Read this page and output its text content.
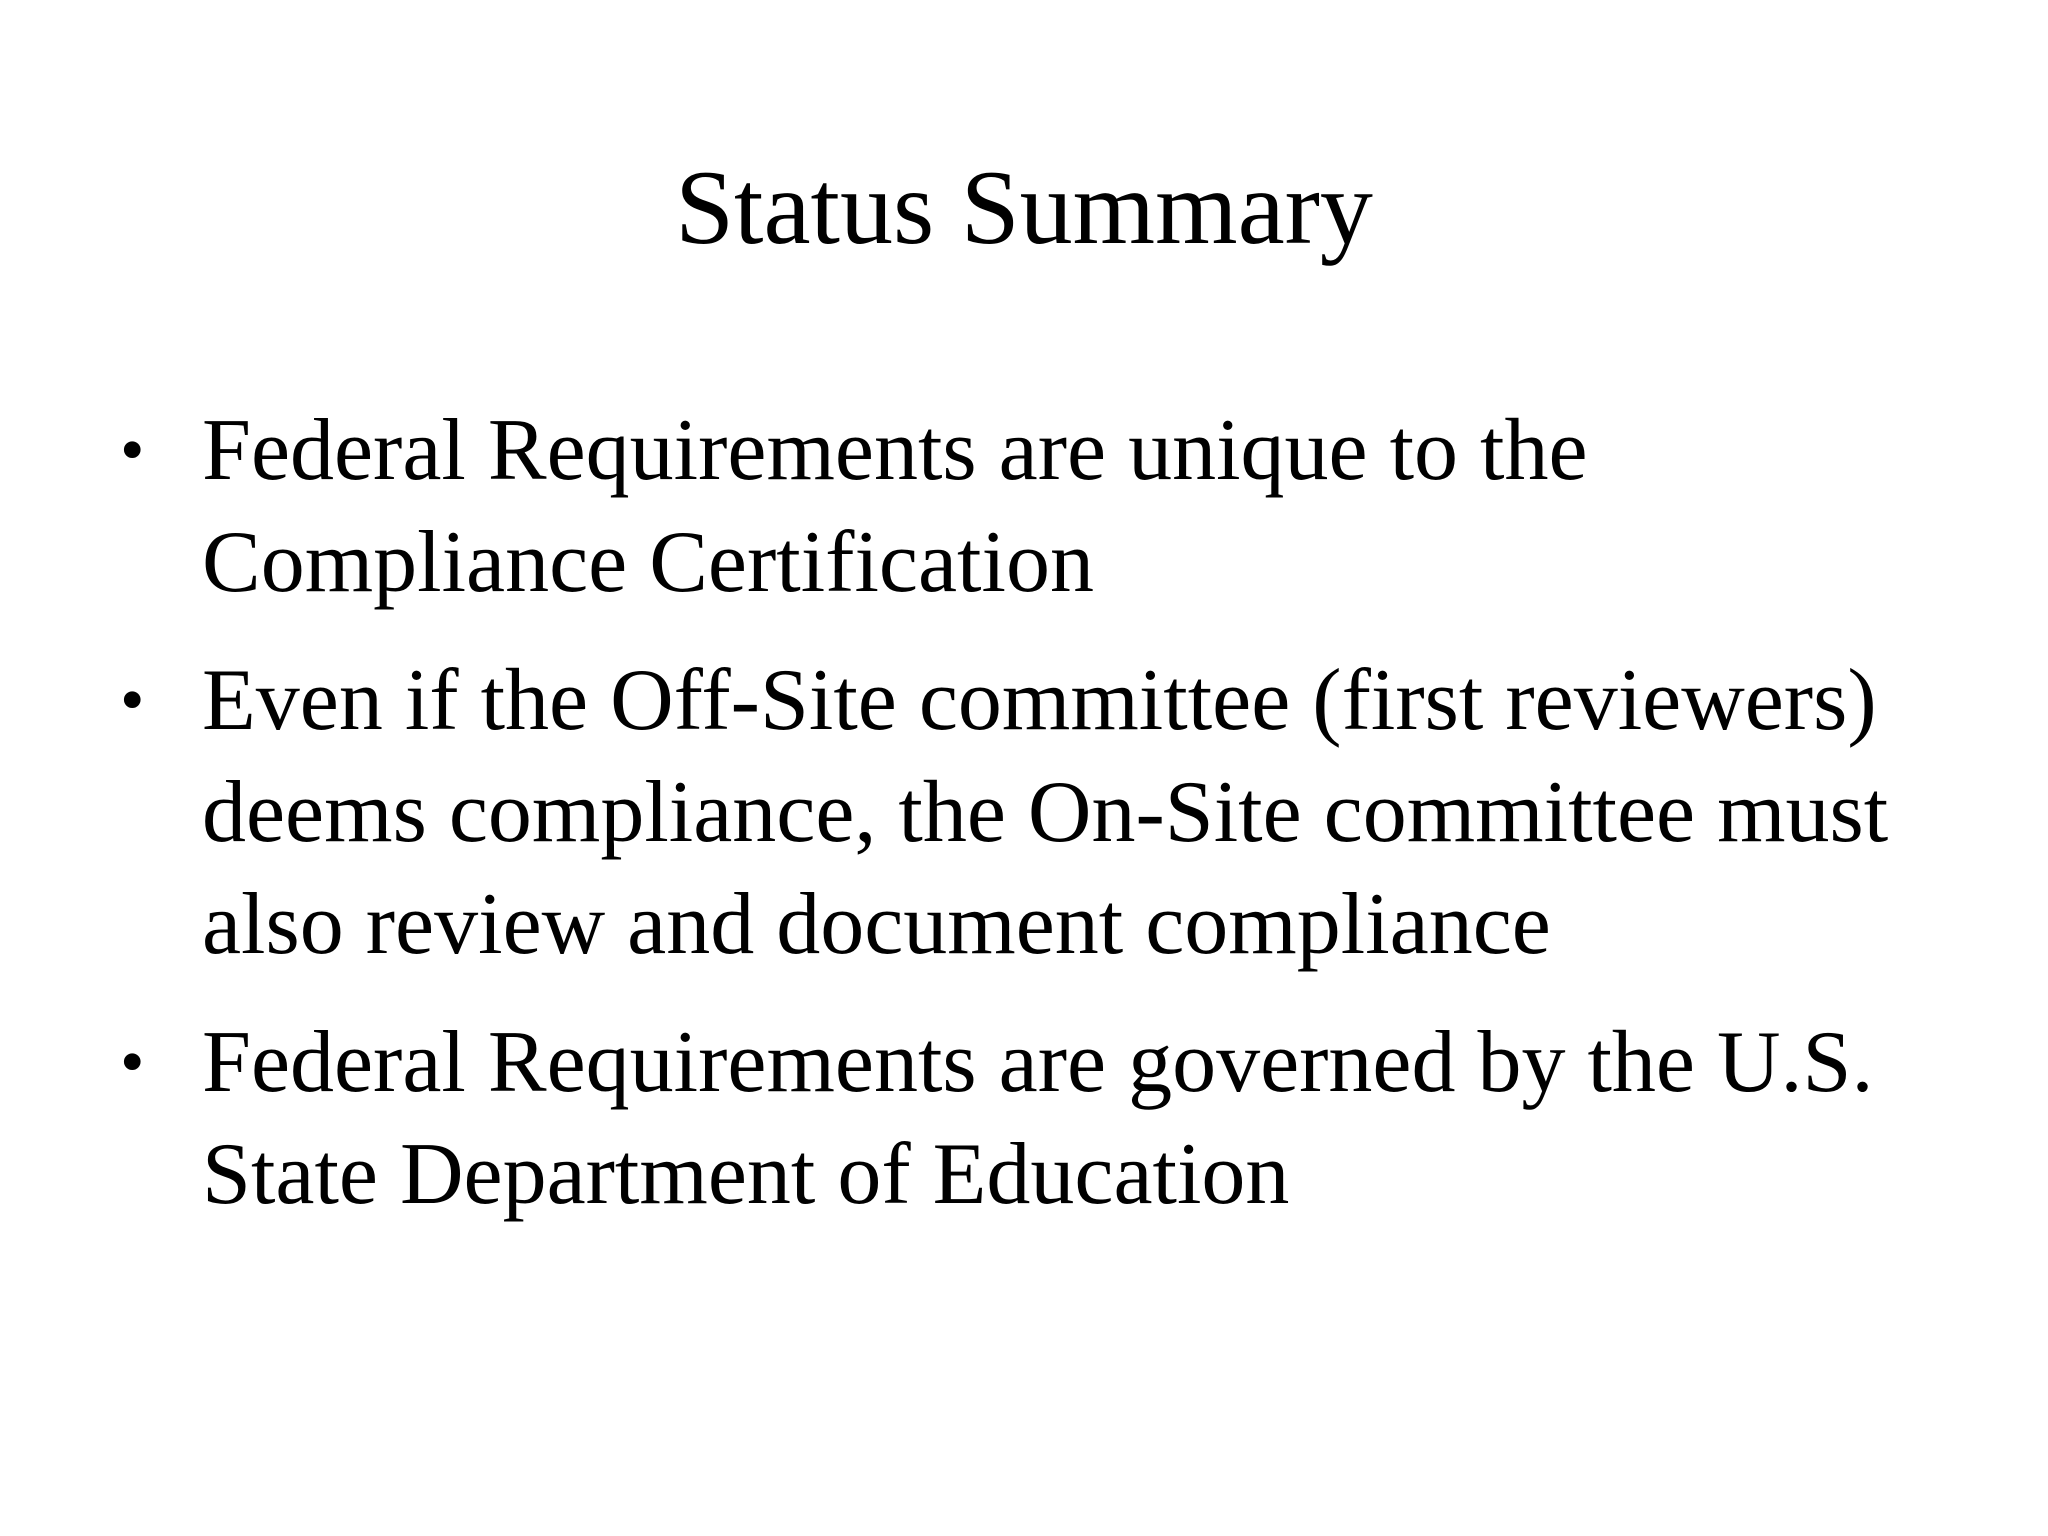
Status Summary
• Federal Requirements are unique to the Compliance Certification
• Even if the Off-Site committee (first reviewers) deems compliance, the On-Site committee must also review and document compliance
• Federal Requirements are governed by the U.S. State Department of Education
